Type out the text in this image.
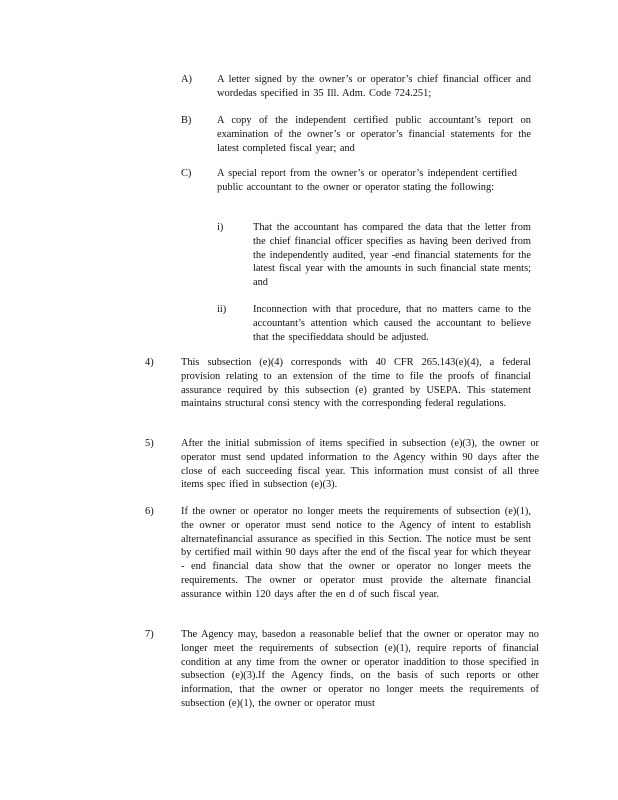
A) A letter signed by the owner’s or operator’s chief financial officer and wordedas specified in 35 Ill. Adm. Code 724.251;
B) A copy of the independent certified public accountant’s report on examination of the owner’s or operator’s financial statements for the latest completed fiscal year; and
C) A special report from the owner’s or operator’s independent certified public accountant to the owner or operator stating the following:
i)	That the accountant has compared the data that the letter from the chief financial officer specifies as having been derived from the independently audited, year -end financial statements for the latest fiscal year with the amounts in such financial state ments; and
ii)	Inconnection with that procedure, that no matters came to the accountant’s attention which caused the accountant to believe that the specifieddata should be adjusted.
4)	This subsection (e)(4) corresponds with 40 CFR 265.143(e)(4), a federal provision relating to an extension of the time to file the proofs of financial assurance required by this subsection (e) granted by USEPA. This statement maintains structural consi stency with the corresponding federal regulations.
5)	After the initial submission of items specified in subsection (e)(3), the owner or operator must send updated information to the Agency within 90 days after the close of each succeeding fiscal year. This information must consist of all three items spec ified in subsection (e)(3).
6)	If the owner or operator no longer meets the requirements of subsection (e)(1), the owner or operator must send notice to the Agency of intent to establish alternatefinancial assurance as specified in this Section. The notice must be sent by certified mail within 90 days after the end of the fiscal year for which theyear - end financial data show that the owner or operator no longer meets the requirements. The owner or operator must provide the alternate financial assurance within 120 days after the en d of such fiscal year.
7)	The Agency may, basedon a reasonable belief that the owner or operator may no longer meet the requirements of subsection (e)(1), require reports of financial condition at any time from the owner or operator inaddition to those specified in subsection (e)(3).If the Agency finds, on the basis of such reports or other information, that the owner or operator no longer meets the requirements of subsection (e)(1), the owner or operator must
